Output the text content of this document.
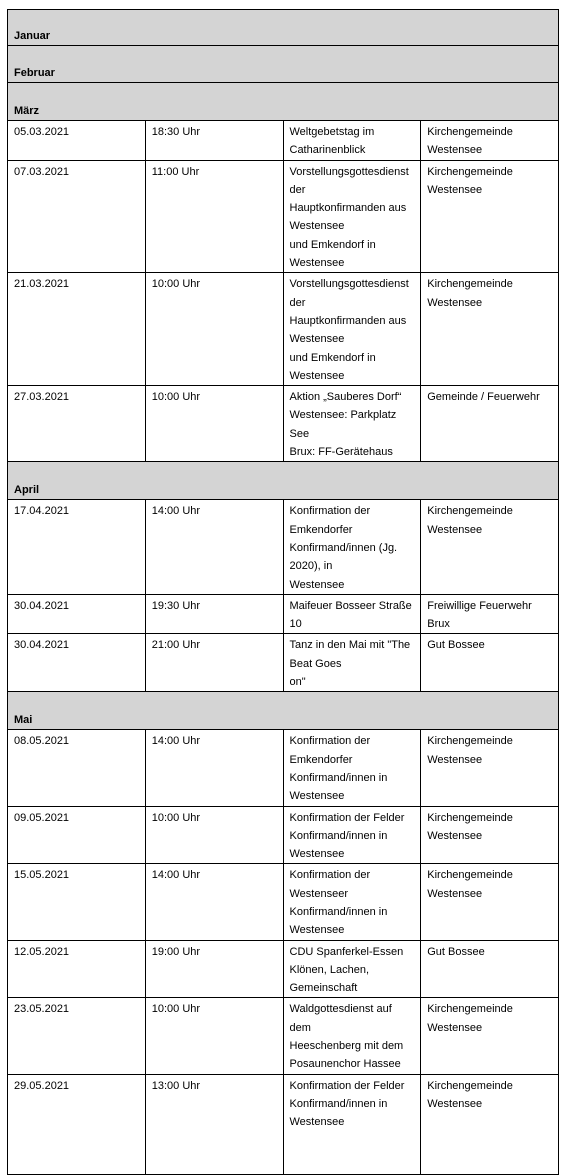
Januar			
Februar			
März			
05.03.2021	18:30 Uhr	Weltgebetstag im Catharinenblick	Kirchengemeinde Westensee
07.03.2021	11:00 Uhr	Vorstellungsgottesdienst der
Hauptkonfirmanden aus Westensee
und Emkendorf in Westensee	Kirchengemeinde Westensee
21.03.2021	10:00 Uhr	Vorstellungsgottesdienst der
Hauptkonfirmanden aus Westensee
und Emkendorf in Westensee	Kirchengemeinde Westensee
27.03.2021	10:00 Uhr	Aktion „Sauberes Dorf“
Westensee: Parkplatz See
Brux: FF-Gerätehaus	Gemeinde / Feuerwehr
April			
17.04.2021	14:00 Uhr	Konfirmation der Emkendorfer
Konfirmand/innen (Jg. 2020), in
Westensee	Kirchengemeinde Westensee
30.04.2021	19:30 Uhr	Maifeuer Bosseer Straße 10	Freiwillige Feuerwehr Brux
30.04.2021	21:00 Uhr	Tanz in den Mai mit "The Beat Goes
on"	Gut Bossee
Mai			
08.05.2021	14:00 Uhr	Konfirmation der Emkendorfer
Konfirmand/innen in Westensee	Kirchengemeinde Westensee
09.05.2021	10:00 Uhr	Konfirmation der Felder
Konfirmand/innen in Westensee	Kirchengemeinde Westensee
15.05.2021	14:00 Uhr	Konfirmation der Westenseer
Konfirmand/innen in Westensee	Kirchengemeinde Westensee
12.05.2021	19:00 Uhr	CDU Spanferkel-Essen
Klönen, Lachen, Gemeinschaft	Gut Bossee
23.05.2021	10:00 Uhr	Waldgottesdienst auf dem
Heeschenberg mit dem
Posaunenchor Hassee	Kirchengemeinde Westensee
29.05.2021	13:00 Uhr	Konfirmation der Felder
Konfirmand/innen in Westensee	Kirchengemeinde Westensee
